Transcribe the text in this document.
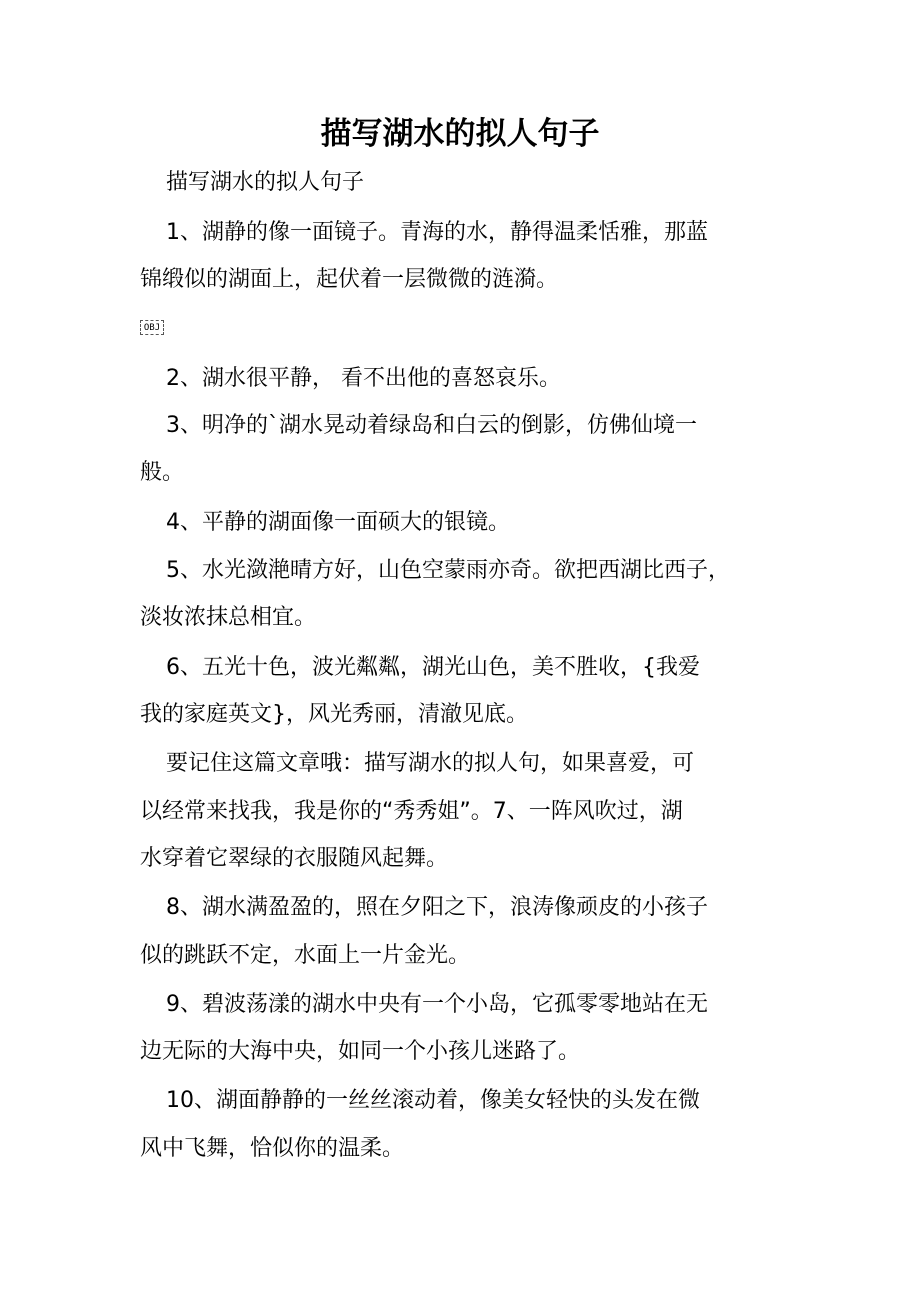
描写湖水的拟人句子

描写湖水的拟人句子

1、湖静的像一面镜子。青海的水，静得温柔恬雅，那蓝

锦缎似的湖面上，起伏着一层微微的涟漪。

OBJ

2、湖水很平静， 看不出他的喜怒哀乐。

3、明净的`湖水晃动着绿岛和白云的倒影，仿佛仙境一

般。

4、平静的湖面像一面硕大的银镜。

5、水光潋滟晴方好，山色空蒙雨亦奇。欲把西湖比西子，

淡妆浓抹总相宜。

6、五光十色，波光粼粼，湖光山色，美不胜收，{我爱

我的家庭英文}，风光秀丽，清澈见底。

要记住这篇文章哦：描写湖水的拟人句，如果喜爱，可

以经常来找我，我是你的“秀秀姐”。7、一阵风吹过，湖

水穿着它翠绿的衣服随风起舞。

8、湖水满盈盈的，照在夕阳之下，浪涛像顽皮的小孩子

似的跳跃不定，水面上一片金光。

9、碧波荡漾的湖水中央有一个小岛，它孤零零地站在无

边无际的大海中央，如同一个小孩儿迷路了。

10、湖面静静的一丝丝滚动着，像美女轻快的头发在微

风中飞舞，恰似你的温柔。
